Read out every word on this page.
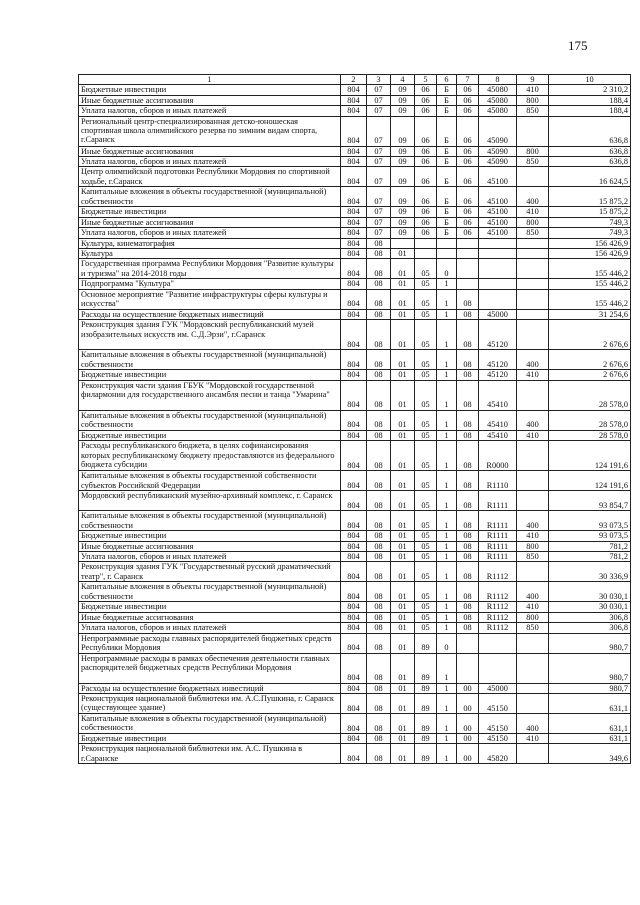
175
1	2	3	4	5	6	7	8	9	10
Бюджетные инвестиции	804	07	09	06	Б	06	45080	410	2 310,2
Иные бюджетные ассигнования	804	07	09	06	Б	06	45080	800	188,4
Уплата налогов, сборов и иных платежей	804	07	09	06	Б	06	45080	850	188,4
Региональный центр-специализированная детско-юношеская спортивная школа олимпийского резерва по зимним видам спорта, г.Саранск	804	07	09	06	Б	06	45090		636,8
Иные бюджетные ассигнования	804	07	09	06	Б	06	45090	800	636,8
Уплата налогов, сборов и иных платежей	804	07	09	06	Б	06	45090	850	636,8
Центр олимпийской подготовки Республики Мордовия по спортивной ходьбе, г.Саранск	804	07	09	06	Б	06	45100		16 624,5
Капитальные вложения в объекты государственной (муниципальной) собственности	804	07	09	06	Б	06	45100	400	15 875,2
Бюджетные инвестиции	804	07	09	06	Б	06	45100	410	15 875,2
Иные бюджетные ассигнования	804	07	09	06	Б	06	45100	800	749,3
Уплата налогов, сборов и иных платежей	804	07	09	06	Б	06	45100	850	749,3
Культура, кинематография	804	08							156 426,9
Культура	804	08	01						156 426,9
Государственная программа Республики Мордовия "Развитие культуры и туризма" на 2014-2018 годы	804	08	01	05	0				155 446,2
Подпрограмма "Культура"	804	08	01	05	1				155 446,2
Основное мероприятие "Развитие инфраструктуры сферы культуры и искусства"	804	08	01	05	1	08			155 446,2
Расходы на осуществление бюджетных инвестиций	804	08	01	05	1	08	45000		31 254,6
Реконструкция здания ГУК "Мордовский республиканский музей изобразительных искусств им. С.Д.Эрзи", г.Саранск	804	08	01	05	1	08	45120		2 676,6
Капитальные вложения в объекты государственной (муниципальной) собственности	804	08	01	05	1	08	45120	400	2 676,6
Бюджетные инвестиции	804	08	01	05	1	08	45120	410	2 676,6
Реконструкция части здания ГБУК "Мордовской государственной филармонии для государственного ансамбля песни и танца "Умарина"	804	08	01	05	1	08	45410		28 578,0
Капитальные вложения в объекты государственной (муниципальной) собственности	804	08	01	05	1	08	45410	400	28 578,0
Бюджетные инвестиции	804	08	01	05	1	08	45410	410	28 578,0
Расходы республиканского бюджета, в целях софинансирования которых республиканскому бюджету предоставляются из федерального бюджета субсидии	804	08	01	05	1	08	R0000		124 191,6
Капитальные вложения в объекты государственной собственности субъектов Российской Федерации	804	08	01	05	1	08	R1110		124 191,6
Мордовский республиканский музейно-архивный комплекс, г. Саранск	804	08	01	05	1	08	R1111		93 854,7
Капитальные вложения в объекты государственной (муниципальной) собственности	804	08	01	05	1	08	R1111	400	93 073,5
Бюджетные инвестиции	804	08	01	05	1	08	R1111	410	93 073,5
Иные бюджетные ассигнования	804	08	01	05	1	08	R1111	800	781,2
Уплата налогов, сборов и иных платежей	804	08	01	05	1	08	R1111	850	781,2
Реконструкция здания ГУК "Государственный русский драматический театр", г. Саранск	804	08	01	05	1	08	R1112		30 336,9
Капитальные вложения в объекты государственной (муниципальной) собственности	804	08	01	05	1	08	R1112	400	30 030,1
Бюджетные инвестиции	804	08	01	05	1	08	R1112	410	30 030,1
Иные бюджетные ассигнования	804	08	01	05	1	08	R1112	800	306,8
Уплата налогов, сборов и иных платежей	804	08	01	05	1	08	R1112	850	306,8
Непрограммные расходы главных распорядителей бюджетных средств Республики Мордовия	804	08	01	89	0				980,7
Непрограммные расходы в рамках обеспечения деятельности главных распорядителей бюджетных средств Республики Мордовия	804	08	01	89	1				980,7
Расходы на осуществление бюджетных инвестиций	804	08	01	89	1	00	45000		980,7
Реконструкция национальной библиотеки им. А.С.Пушкина, г. Саранск (существующее здание)	804	08	01	89	1	00	45150		631,1
Капитальные вложения в объекты государственной (муниципальной) собственности	804	08	01	89	1	00	45150	400	631,1
Бюджетные инвестиции	804	08	01	89	1	00	45150	410	631,1
Реконструкция национальной библиотеки им. А.С. Пушкина в г.Саранске	804	08	01	89	1	00	45820		349,6
